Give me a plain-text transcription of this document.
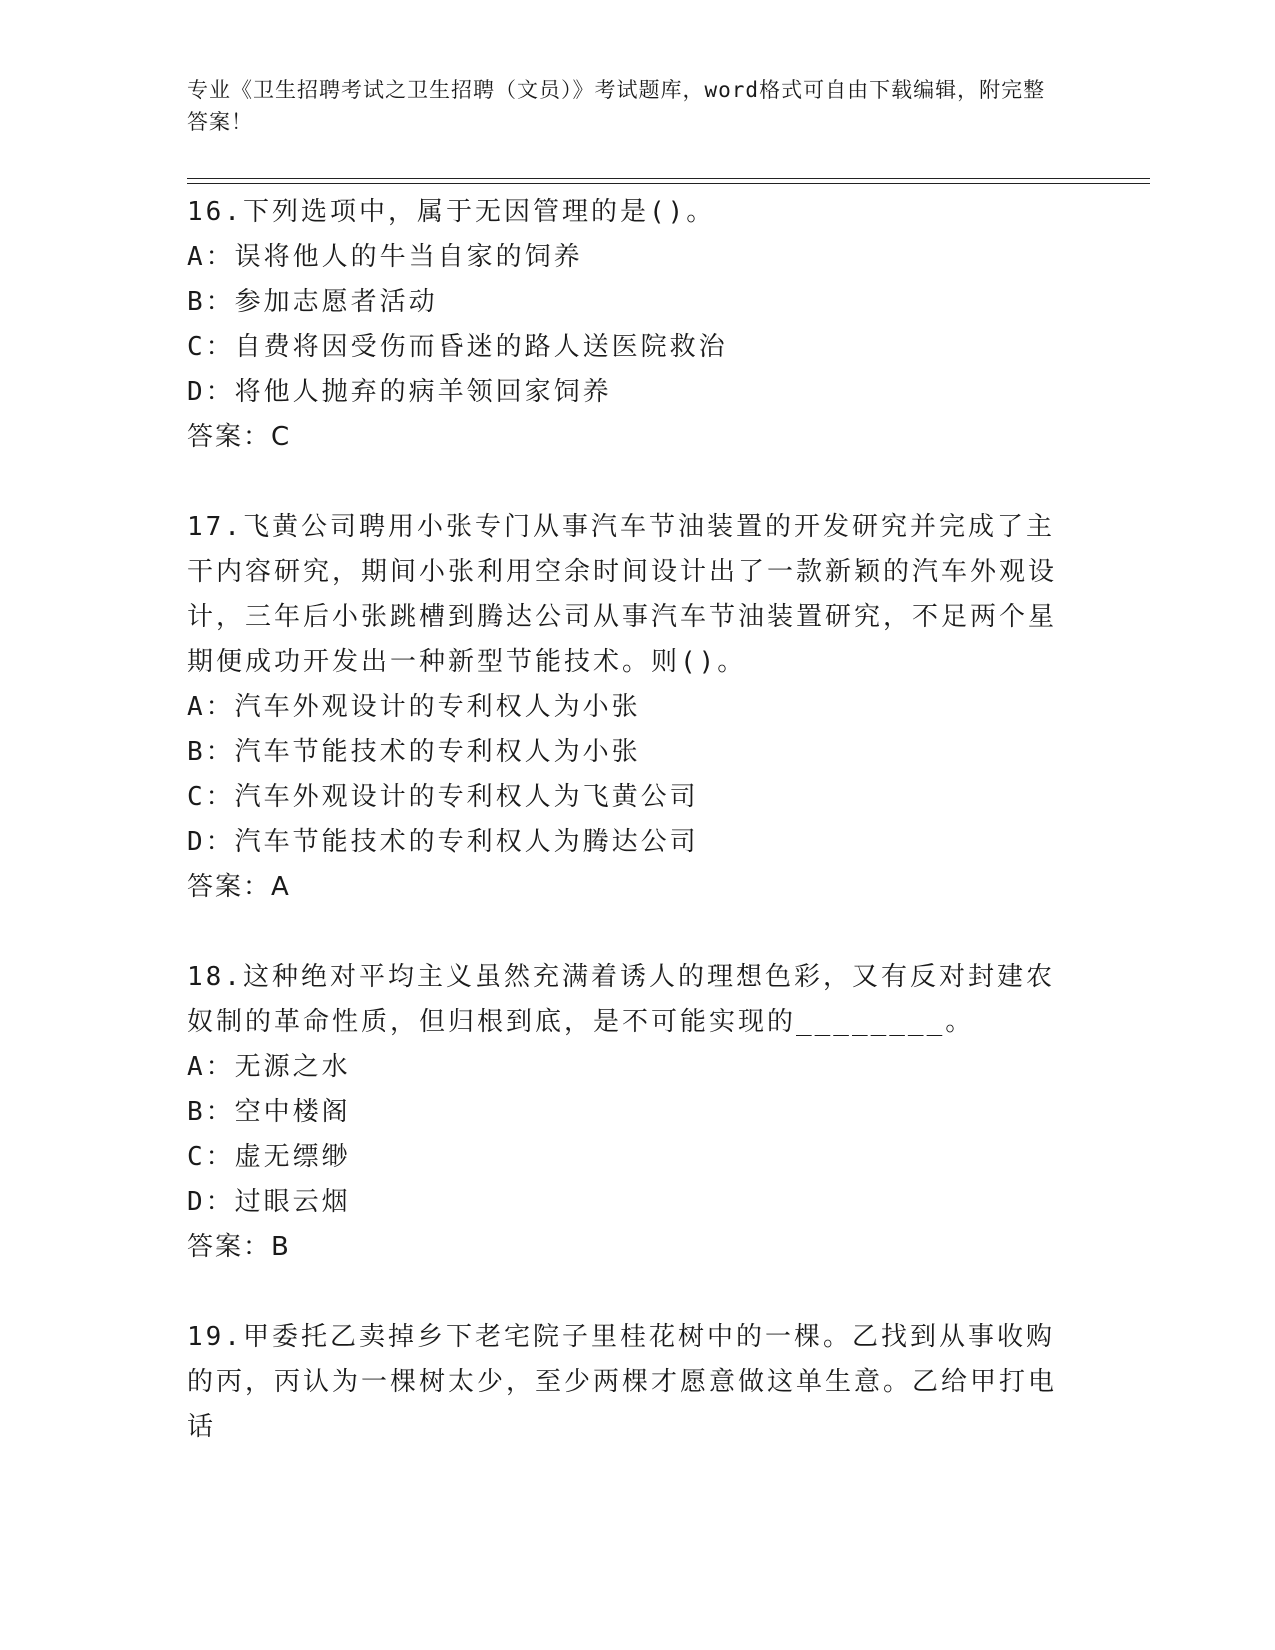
专业《卫生招聘考试之卫生招聘（文员）》考试题库，word格式可自由下载编辑，附完整答案！

16.下列选项中，属于无因管理的是()。

A：误将他人的牛当自家的饲养

B：参加志愿者活动

C：自费将因受伤而昏迷的路人送医院救治

D：将他人抛弃的病羊领回家饲养

答案：C

17.飞黄公司聘用小张专门从事汽车节油装置的开发研究并完成了主干内容研究，期间小张利用空余时间设计出了一款新颖的汽车外观设计，三年后小张跳槽到腾达公司从事汽车节油装置研究，不足两个星期便成功开发出一种新型节能技术。则()。

A：汽车外观设计的专利权人为小张

B：汽车节能技术的专利权人为小张

C：汽车外观设计的专利权人为飞黄公司

D：汽车节能技术的专利权人为腾达公司

答案：A

18.这种绝对平均主义虽然充满着诱人的理想色彩，又有反对封建农奴制的革命性质，但归根到底，是不可能实现的________。

A：无源之水

B：空中楼阁

C：虚无缥缈

D：过眼云烟

答案：B

19.甲委托乙卖掉乡下老宅院子里桂花树中的一棵。乙找到从事收购的丙，丙认为一棵树太少，至少两棵才愿意做这单生意。乙给甲打电话
